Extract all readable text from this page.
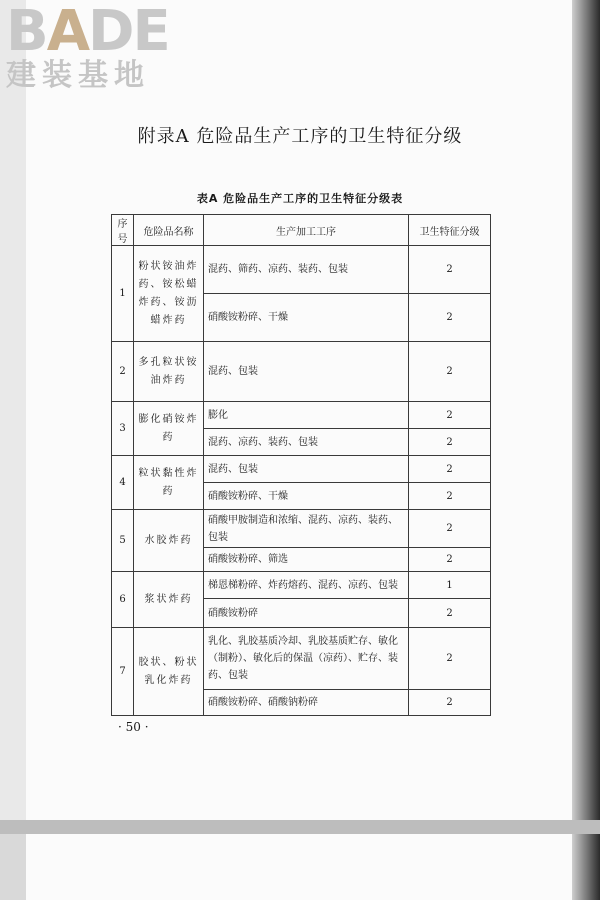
BADE
建装基地
附录A 危险品生产工序的卫生特征分级
表A 危险品生产工序的卫生特征分级表
序号	危险品名称	生产加工工序	卫生特征分级
1	粉状铵油炸药、铵松蜡炸药、铵沥蜡炸药	混药、筛药、凉药、装药、包装	2
		硝酸铵粉碎、干燥	2
2	多孔粒状铵油炸药	混药、包装	2
3	膨化硝铵炸药	膨化	2
		混药、凉药、装药、包装	2
4	粒状黏性炸药	混药、包装	2
		硝酸铵粉碎、干燥	2
5	水胶炸药	硝酸甲胺制造和浓缩、混药、凉药、装药、包装	2
		硝酸铵粉碎、筛选	2
6	浆状炸药	梯恩梯粉碎、炸药熔药、混药、凉药、包装	1
		硝酸铵粉碎	2
7	胶状、粉状乳化炸药	乳化、乳胶基质冷却、乳胶基质贮存、敏化（制粉）、敏化后的保温（凉药）、贮存、装药、包装	2
		硝酸铵粉碎、硝酸钠粉碎	2
· 50 ·
